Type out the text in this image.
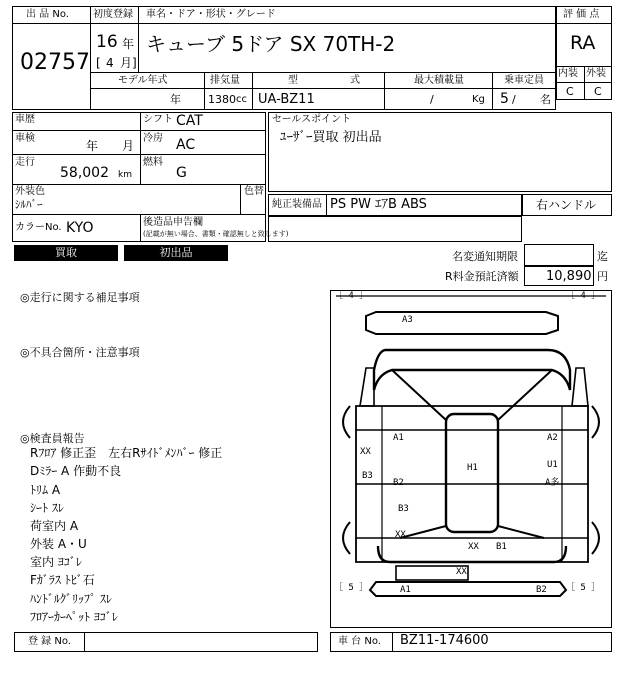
出 品 No.
02757
初度登録
16 年
[ 4 月]
車名・ドア・形状・グレード
キューブ 5ドア SX 70TH-2
評 価 点
RA
内装 外装
C C
モデル年式	排気量	型	式	最大積載量	乗車定員
年 1380 cc UA-BZ11	/	Kg 5 / 名
車歴	シフト CAT
車検
年 月
冷房 AC
走行
58,002 km
燃料
G
外装色
ｼﾙﾊﾞｰ
色替
カラーNo. KYO	後造品申告欄
(記載が無い場合、書類・確認無しと致します)
セールスポイント
ﾕｰｻﾞｰ買取 初出品
純正装備品 PS PW ｴｱB ABS	右ハンドル
買取	初出品	名変通知期限	迄
R料金預託済額 10,890 円
◎走行に関する補足事項
◎不具合箇所・注意事項
◎検査員報告
Rﾌﾛｱ 修正歪　左右Rｻｲﾄﾞﾒﾝﾊﾞｰ 修正
Dﾐﾗｰ A 作動不良
ﾄﾘﾑ A
ｼｰﾄ ｽﾚ
荷室内 A
外装 A・U
室内 ﾖｺﾞﾚ
Fｶﾞﾗｽ ﾄﾋﾞ石
ﾊﾝﾄﾞﾙｸﾞﾘｯﾌﾟ ｽﾚ
ﾌﾛｱｰｶｰﾍﾟｯﾄ ﾖｺﾞﾚ
［ 4 ］	［ 4 ］
［ 5 ］	［ 5 ］
A3
A1	A2
XX
B3
B2
H1	U1
A多
B3
XX
XX B1
XX
A1	B2
登 録 No.	車 台 No. BZ11-174600
